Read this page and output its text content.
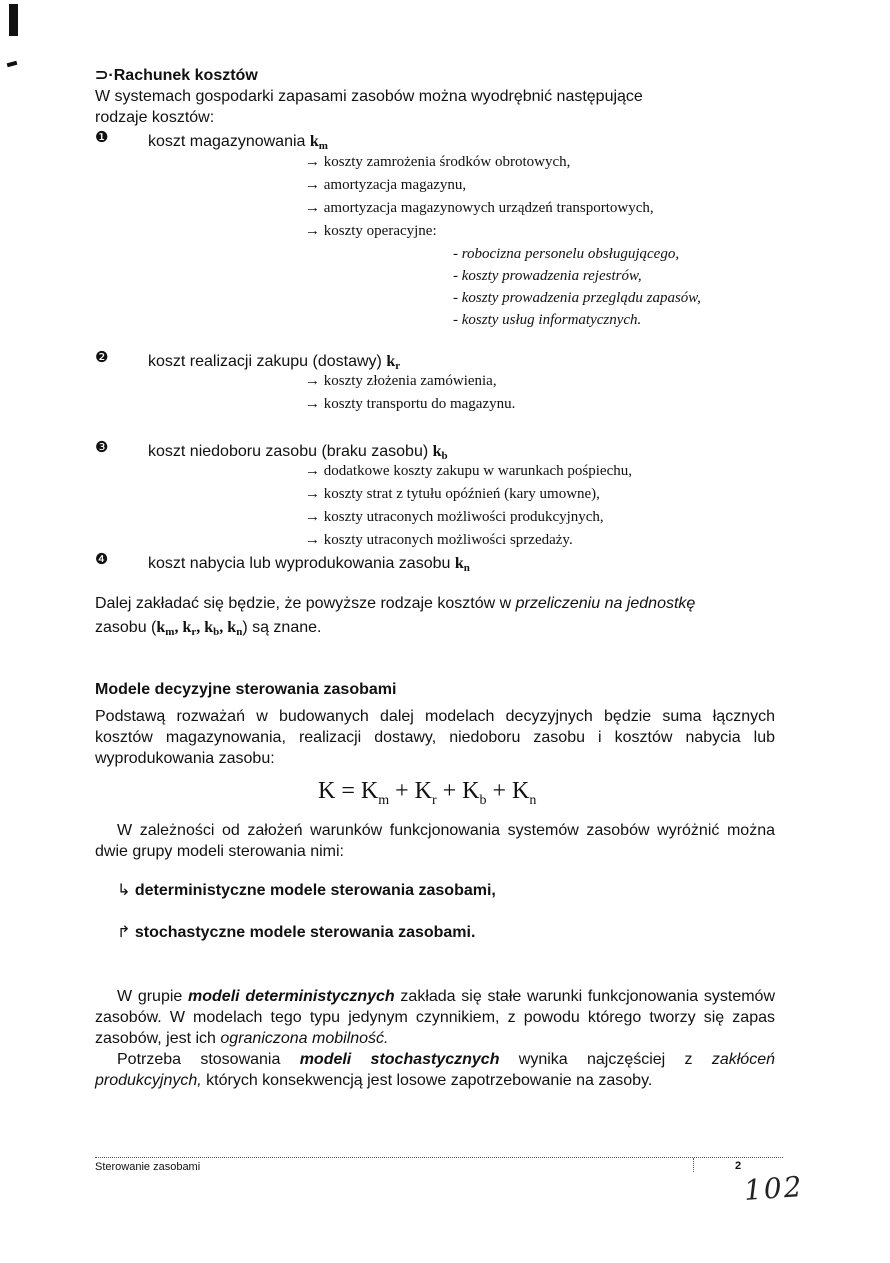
⊃·Rachunek kosztów
W systemach gospodarki zapasami zasobów można wyodrębnić następujące
rodzaje kosztów:
❶ koszt magazynowania $k_m$
→ koszty zamrożenia środków obrotowych,
→ amortyzacja magazynu,
→ amortyzacja magazynowych urządzeń transportowych,
→ koszty operacyjne:
- robocizna personelu obsługującego,
- koszty prowadzenia rejestrów,
- koszty prowadzenia przeglądu zapasów,
- koszty usług informatycznych.
❷ koszt realizacji zakupu (dostawy) $k_r$
→ koszty złożenia zamówienia,
→ koszty transportu do magazynu.
❸ koszt niedoboru zasobu (braku zasobu) $k_b$
→ dodatkowe koszty zakupu w warunkach pośpiechu,
→ koszty strat z tytułu opóźnień (kary umowne),
→ koszty utraconych możliwości produkcyjnych,
→ koszty utraconych możliwości sprzedaży.
❹ koszt nabycia lub wyprodukowania zasobu $k_n$
Dalej zakładać się będzie, że powyższe rodzaje kosztów w przeliczeniu na jednostkę
zasobu ($k_m$, $k_r$, $k_b$, $k_n$) są znane.
Modele decyzyjne sterowania zasobami
Podstawą rozważań w budowanych dalej modelach decyzyjnych będzie suma łącznych kosztów magazynowania, realizacji dostawy, niedoboru zasobu i kosztów nabycia lub wyprodukowania zasobu:
$K = K_m + K_r + K_b + K_n$
W zależności od założeń warunków funkcjonowania systemów zasobów wyróżnić można dwie grupy modeli sterowania nimi:
↳ deterministyczne modele sterowania zasobami,
↱ stochastyczne modele sterowania zasobami.
W grupie modeli deterministycznych zakłada się stałe warunki funkcjonowania systemów zasobów. W modelach tego typu jedynym czynnikiem, z powodu którego tworzy się zapas zasobów, jest ich ograniczona mobilność.
Potrzeba stosowania modeli stochastycznych wynika najczęściej z zakłóceń produkcyjnych, których konsekwencją jest losowe zapotrzebowanie na zasoby.
Sterowanie zasobami	2
102
